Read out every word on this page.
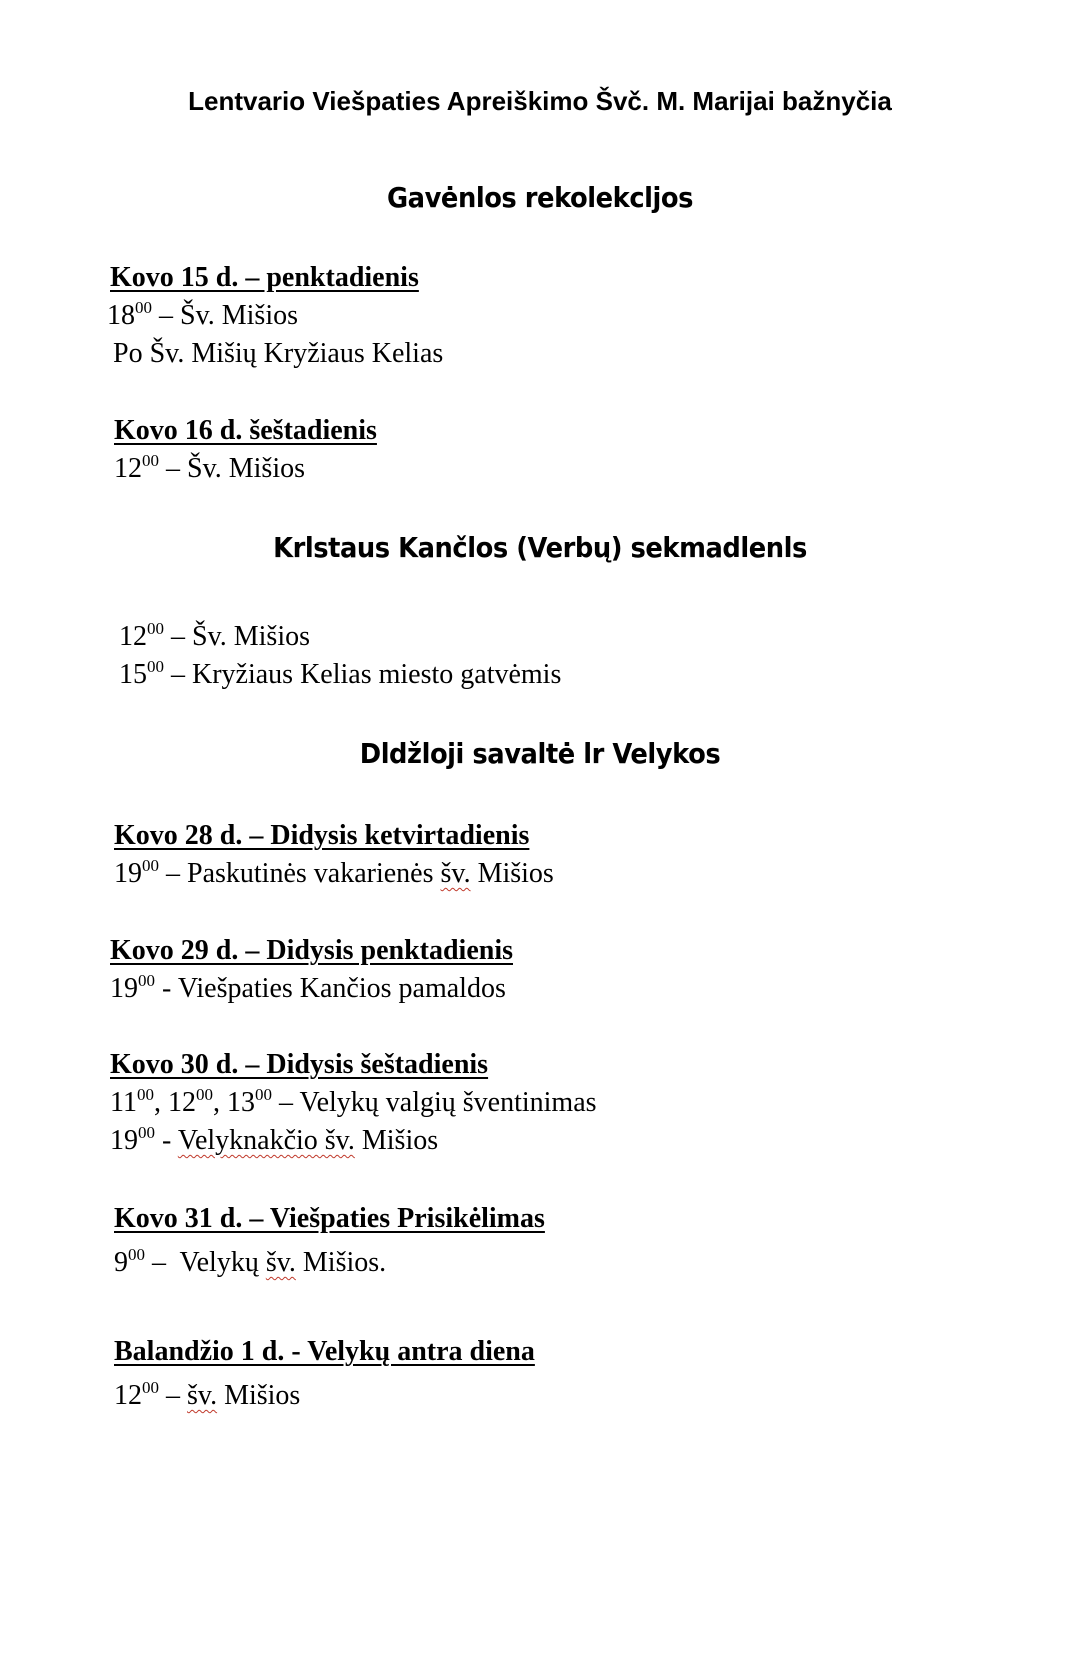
Lentvario Viešpaties Apreiškimo Švč. M. Marijai bažnyčia
Gavėnlos rekolekcljos
Kovo 15 d. – penktadienis
$18^{00}$ – Šv. Mišios
Po Šv. Mišių Kryžiaus Kelias
Kovo 16 d. šeštadienis
$12^{00}$ – Šv. Mišios
Krlstaus Kančlos (Verbų) sekmadlenls
$12^{00}$ – Šv. Mišios
$15^{00}$ – Kryžiaus Kelias miesto gatvėmis
Dldžloji savaltė lr Velykos
Kovo 28 d. – Didysis ketvirtadienis
$19^{00}$ – Paskutinės vakarienės šv. Mišios
Kovo 29 d. – Didysis penktadienis
$19^{00}$ - Viešpaties Kančios pamaldos
Kovo 30 d. – Didysis šeštadienis
$11^{00}$, $12^{00}$, $13^{00}$ – Velykų valgių šventinimas
$19^{00}$ - Velyknakčio šv. Mišios
Kovo 31 d. – Viešpaties Prisikėlimas
$9^{00}$ –  Velykų šv. Mišios.
Balandžio 1 d. - Velykų antra diena
$12^{00}$ – šv. Mišios
